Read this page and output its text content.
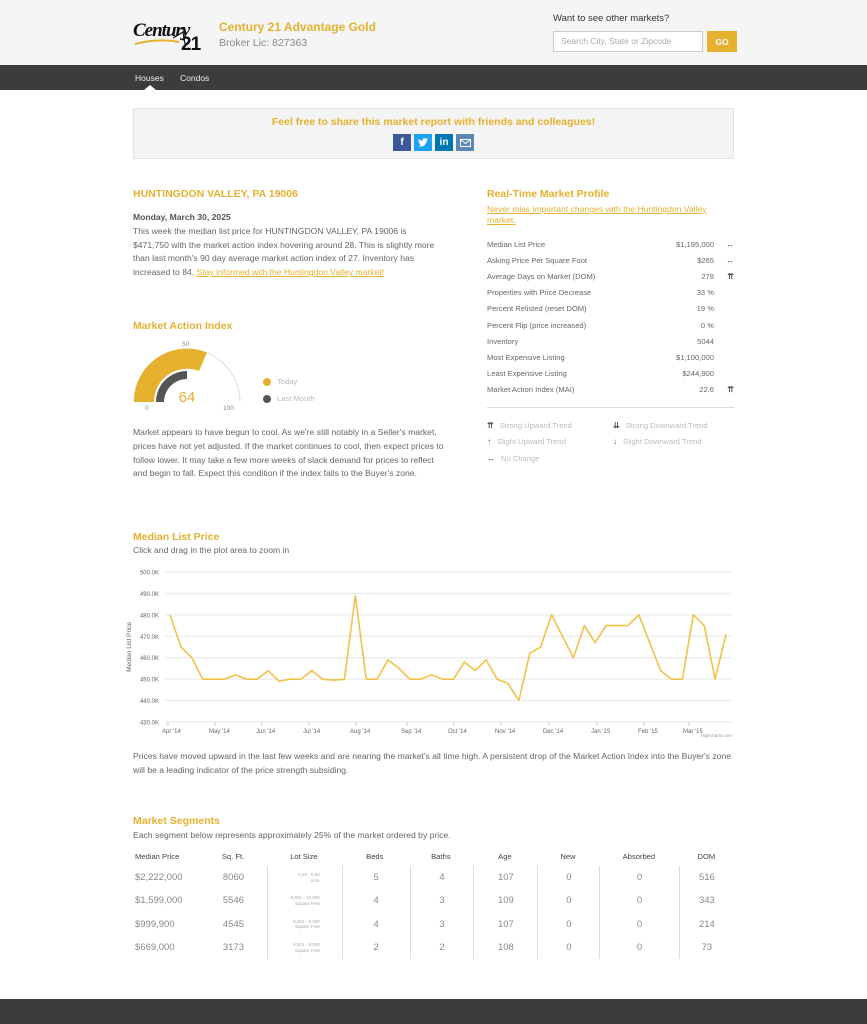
Century
21
Century 21 Advantage Gold
Broker Lic: 827363
Want to see other markets?
Search City, State or Zipcode	GO
Houses Condos
Feel free to share this market report with friends and colleagues!
f	in
HUNTINGDON VALLEY, PA 19006
Monday, March 30, 2025
This week the median list price for HUNTINGDON VALLEY, PA 19006 is $471,750 with the market action index hovering around 28. This is slightly more than last month's 90 day average market action index of 27. Inventory has increased to 84. Stay informed with the Huntingdon Valley market!
Market Action Index
64
0
50
100
Today
Last Month
Market appears to have begun to cool. As we're still notably in a Seller's market, prices have not yet adjusted. If the market continues to cool, then expect prices to follow lower. It may take a few more weeks of slack demand for prices to reflect and begin to fall. Expect this condition if the index falls to the Buyer's zone.
Real-Time Market Profile
Never miss important changes with the Huntingdon Valley market.
Median List Price	$1,195,000	↔
Asking Price Per Square Foot	$265	↔
Average Days on Market (DOM)	278	⇈
Properties with Price Decrease	33 %
Percent Relisted (reset DOM)	19 %
Percent Flip (price increased)	0 %
Inventory	5044
Most Expensive Listing	$1,100,000
Least Expensive Listing	$244,900
Market Action Index (MAI)	22.6	⇈
⇈ Strong Upward Trend	⇊ Strong Downward Trend
↑ Slight Upward Trend	↓ Slight Downward Trend
↔ No Change
Median List Price
Click and drag in the plot area to zoom in
430.0K
440.0K
450.0K
460.0K
470.0K
480.0K
490.0K
500.0K
Median List Price
Apr '14	May '14	Jun '14	Jul '14	Aug '14	Sep '14	Oct '14	Nov '14	Dec '14	Jan '15	Feb '15	Mar '15
Highcharts.com
Prices have moved upward in the last few weeks and are nearing the market's all time high. A persistent drop of the Market Action Index into the Buyer's zone will be a leading indicator of the price strength subsiding.
Market Segments
Each segment below represents approximately 25% of the market ordered by price.
Median Price	Sq. Ft.	Lot Size	Beds	Baths	Age	New	Absorbed	DOM
$2,222,000	8060	0.25 - 0.50
acre	5	4	107	0	0	516
$1,599,000	5546	8,001 - 10,000
Square Feet	4	3	109	0	0	343
$999,900	4545	6,501 - 8,000
Square Feet	4	3	107	0	0	214
$669,000	3173	6,501 - 8,000
Square Feet	2	2	108	0	0	73
